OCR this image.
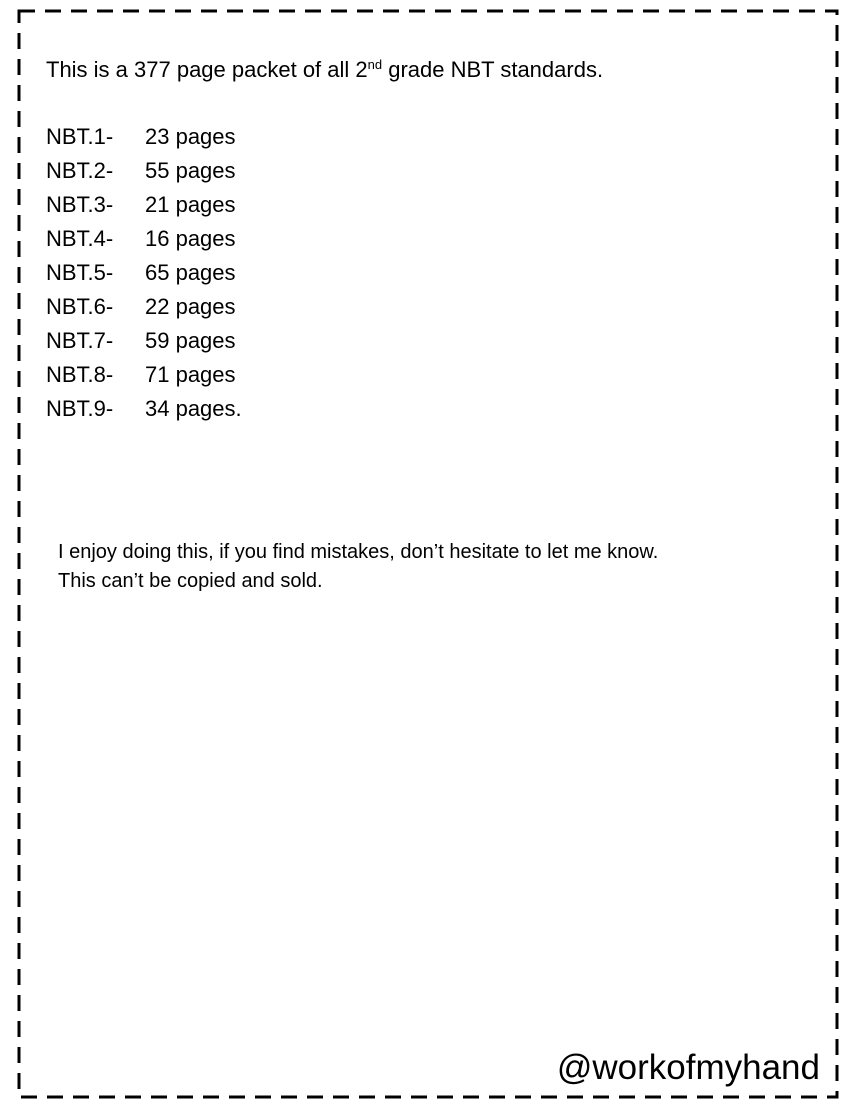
This is a 377 page packet of all 2nd grade NBT standards.

NBT.1- 23 pages
NBT.2- 55 pages
NBT.3- 21 pages
NBT.4- 16 pages
NBT.5- 65 pages
NBT.6- 22 pages
NBT.7- 59 pages
NBT.8- 71 pages
NBT.9- 34 pages.
I enjoy doing this, if you find mistakes, don’t hesitate to let me know.
This can’t be copied and sold.
@workofmyhand
